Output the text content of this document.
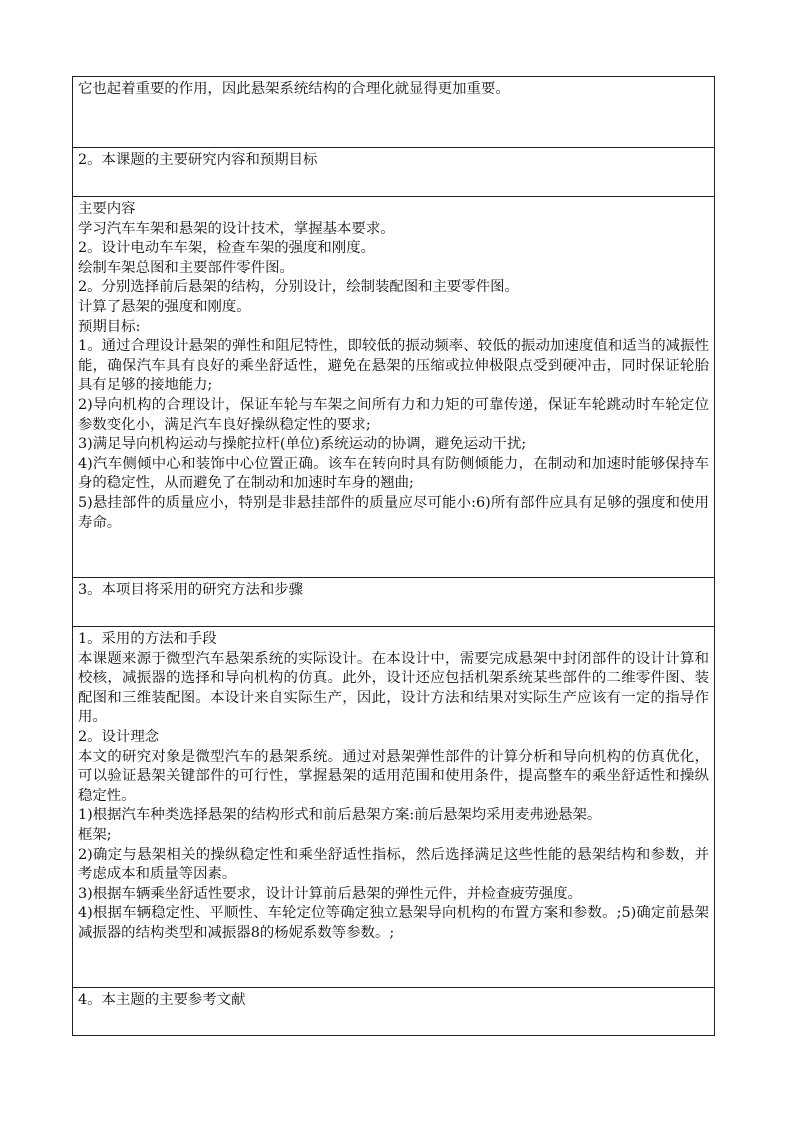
它也起着重要的作用，因此悬架系统结构的合理化就显得更加重要。
2。本课题的主要研究内容和预期目标
主要内容
学习汽车车架和悬架的设计技术，掌握基本要求。
2。设计电动车车架，检查车架的强度和刚度。
绘制车架总图和主要部件零件图。
2。分别选择前后悬架的结构，分别设计，绘制装配图和主要零件图。
计算了悬架的强度和刚度。
预期目标:
1。通过合理设计悬架的弹性和阻尼特性，即较低的振动频率、较低的振动加速度值和适当的减振性能，确保汽车具有良好的乘坐舒适性，避免在悬架的压缩或拉伸极限点受到硬冲击，同时保证轮胎具有足够的接地能力;
2)导向机构的合理设计，保证车轮与车架之间所有力和力矩的可靠传递，保证车轮跳动时车轮定位参数变化小，满足汽车良好操纵稳定性的要求;
3)满足导向机构运动与操舵拉杆(单位)系统运动的协调，避免运动干扰;
4)汽车侧倾中心和装饰中心位置正确。该车在转向时具有防侧倾能力，在制动和加速时能够保持车身的稳定性，从而避免了在制动和加速时车身的翘曲;
5)悬挂部件的质量应小，特别是非悬挂部件的质量应尽可能小:6)所有部件应具有足够的强度和使用寿命。
3。本项目将采用的研究方法和步骤
1。采用的方法和手段
本课题来源于微型汽车悬架系统的实际设计。在本设计中，需要完成悬架中封闭部件的设计计算和校核，减振器的选择和导向机构的仿真。此外，设计还应包括机架系统某些部件的二维零件图、装配图和三维装配图。本设计来自实际生产，因此，设计方法和结果对实际生产应该有一定的指导作用。
2。设计理念
本文的研究对象是微型汽车的悬架系统。通过对悬架弹性部件的计算分析和导向机构的仿真优化，可以验证悬架关键部件的可行性，掌握悬架的适用范围和使用条件，提高整车的乘坐舒适性和操纵稳定性。
1)根据汽车种类选择悬架的结构形式和前后悬架方案:前后悬架均采用麦弗逊悬架。
框架;
2)确定与悬架相关的操纵稳定性和乘坐舒适性指标，然后选择满足这些性能的悬架结构和参数，并考虑成本和质量等因素。
3)根据车辆乘坐舒适性要求，设计计算前后悬架的弹性元件，并检查疲劳强度。
4)根据车辆稳定性、平顺性、车轮定位等确定独立悬架导向机构的布置方案和参数。;5)确定前悬架减振器的结构类型和减振器8的杨妮系数等参数。;
4。本主题的主要参考文献
